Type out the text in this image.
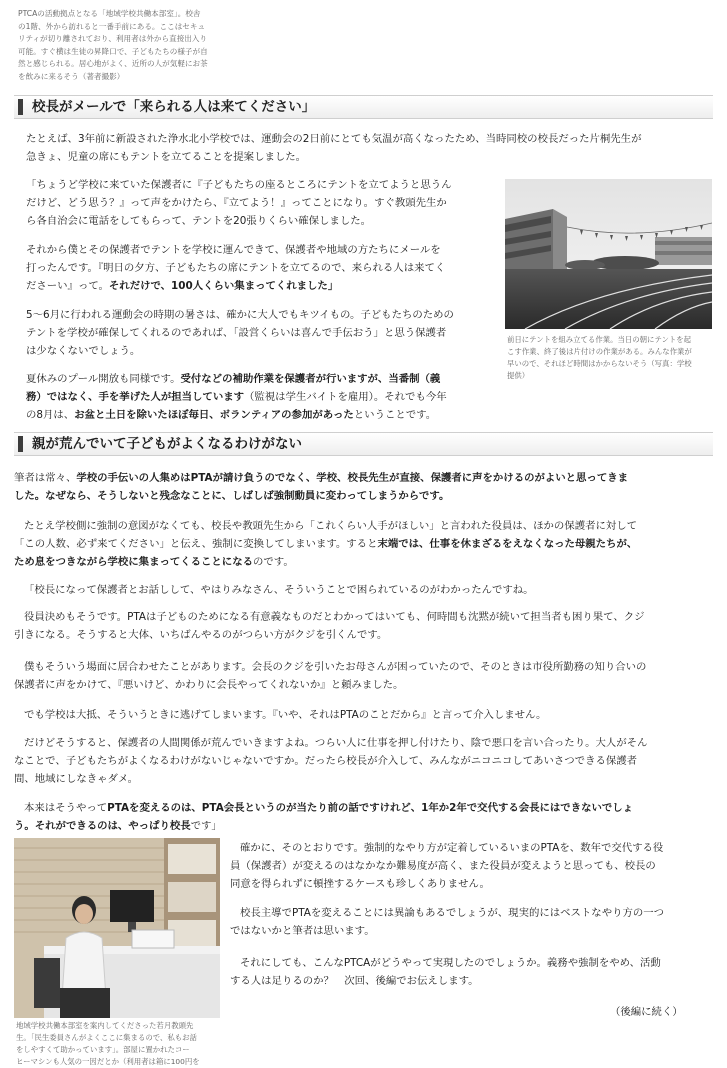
PTCAの活動拠点となる「地域学校共働本部室」。校舎
の1階、外から訪れると一番手前にある。ここはセキュ
リティが切り離されており、利用者は外から直接出入り
可能。すぐ横は生徒の昇降口で、子どもたちの様子が自
然と感じられる。居心地がよく、近所の人が気軽にお茶
を飲みに来るそう（著者撮影）
校長がメールで「来られる人は来てください」
たとえば、3年前に新設された浄水北小学校では、運動会の2日前にとても気温が高くなったため、当時同校の校長だった片桐先生が
急きょ、児童の席にもテントを立てることを提案しました。
「ちょうど学校に来ていた保護者に『子どもたちの座るところにテントを立てようと思うん
だけど、どう思う？』って声をかけたら、『立てよう！』ってことになり。すぐ教頭先生か
ら各自治会に電話をしてもらって、テントを20張りくらい確保しました。
それから僕とその保護者でテントを学校に運んできて、保護者や地域の方たちにメールを
打ったんです。『明日の夕方、子どもたちの席にテントを立てるので、来られる人は来てく
ださーい』って。それだけで、100人くらい集まってくれました」
5〜6月に行われる運動会の時期の暑さは、確かに大人でもキツイもの。子どもたちのための
テントを学校が確保してくれるのであれば、「設営くらいは喜んで手伝おう」と思う保護者
は少なくないでしょう。
夏休みのプール開放も同様です。受付などの補助作業を保護者が行いますが、当番制（義
務）ではなく、手を挙げた人が担当しています（監視は学生バイトを雇用）。それでも今年
の8月は、お盆と土日を除いたほぼ毎日、ボランティアの参加があったということです。
前日にテントを組み立てる作業。当日の朝にテントを起
こす作業、終了後は片付けの作業がある。みんな作業が
早いので、それほど時間はかからないそう（写真：学校
提供）
親が荒んでいて子どもがよくなるわけがない
筆者は常々、学校の手伝いの人集めはPTAが請け負うのでなく、学校、校長先生が直接、保護者に声をかけるのがよいと思ってきま
した。なぜなら、そうしないと残念なことに、しばしば強制動員に変わってしまうからです。
たとえ学校側に強制の意図がなくても、校長や教頭先生から「これくらい人手がほしい」と言われた役員は、ほかの保護者に対して
「この人数、必ず来てください」と伝え、強制に変換してしまいます。すると末端では、仕事を休まざるをえなくなった母親たちが、
ため息をつきながら学校に集まってくることになるのです。
「校長になって保護者とお話しして、やはりみなさん、そういうことで困られているのがわかったんですね。
役員決めもそうです。PTAは子どものためになる有意義なものだとわかってはいても、何時間も沈黙が続いて担当者も困り果て、クジ
引きになる。そうすると大体、いちばんやるのがつらい方がクジを引くんです。
僕もそういう場面に居合わせたことがあります。会長のクジを引いたお母さんが困っていたので、そのときは市役所勤務の知り合いの
保護者に声をかけて、『悪いけど、かわりに会長やってくれないか』と頼みました。
でも学校は大抵、そういうときに逃げてしまいます。『いや、それはPTAのことだから』と言って介入しません。
だけどそうすると、保護者の人間関係が荒んでいきますよね。つらい人に仕事を押し付けたり、陰で悪口を言い合ったり。大人がそん
なことで、子どもたちがよくなるわけがないじゃないですか。だったら校長が介入して、みんながニコニコしてあいさつできる保護者
間、地域にしなきゃダメ。
本来はそうやってPTAを変えるのは、PTA会長というのが当たり前の話ですけれど、1年か2年で交代する会長にはできないでしょ
う。それができるのは、やっぱり校長です」
確かに、そのとおりです。強制的なやり方が定着しているいまのPTAを、数年で交代する役
員（保護者）が変えるのはなかなか難易度が高く、また役員が変えようと思っても、校長の
同意を得られずに頓挫するケースも珍しくありません。
校長主導でPTAを変えることには異論もあるでしょうが、現実的にはベストなやり方の一つ
ではないかと筆者は思います。
それにしても、こんなPTCAがどうやって実現したのでしょうか。義務や強制をやめ、活動
する人は足りるのか？　次回、後編でお伝えします。
（後編に続く）
地域学校共働本部室を案内してくださった若月教頭先
生。「民生委員さんがよくここに集まるので、私もお話
をしやすくて助かっています」。部屋に置かれたコー
ヒーマシンも人気の一因だとか（利用者は箱に100円を
